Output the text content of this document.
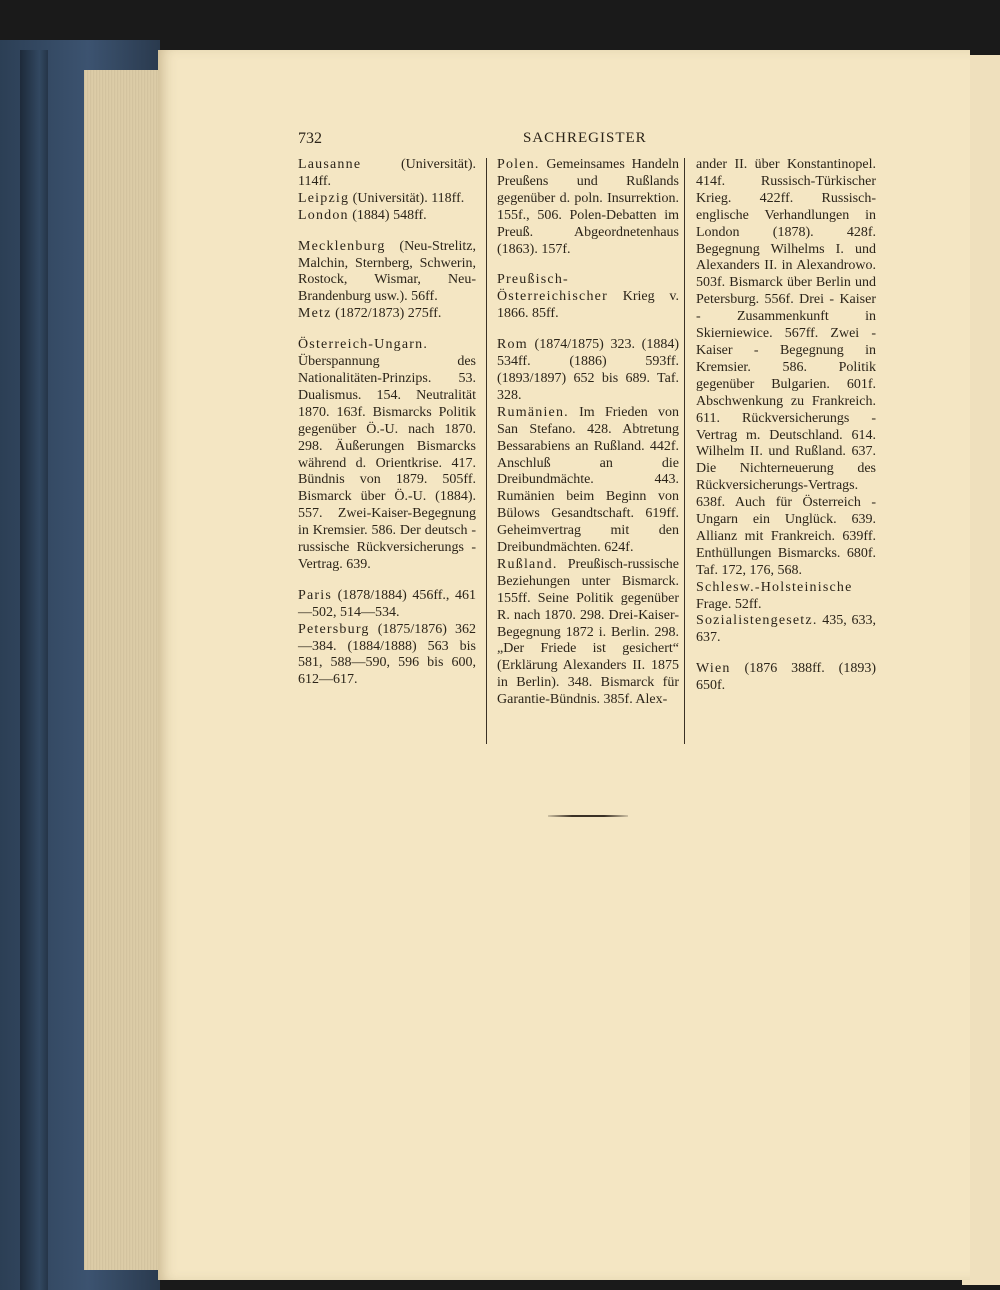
732	SACHREGISTER

Lausanne	(Universität). 114ff.

Leipzig (Universität). 118ff.

London (1884) 548ff.

Mecklenburg (Neu-Strelitz, Malchin, Sternberg, Schwerin, Rostock, Wismar, Neu-Brandenburg usw.). 56ff.

Metz (1872/1873) 275ff.

Österreich-Ungarn. Überspannung des Nationalitäten-Prinzips. 53. Dualismus. 154. Neutralität 1870. 163f. Bismarcks Politik gegenüber Ö.-U. nach 1870. 298. Äußerungen Bismarcks während d. Orientkrise. 417. Bündnis von 1879. 505ff. Bismarck über Ö.-U. (1884). 557. Zwei-Kaiser-Begegnung in Kremsier. 586. Der deutsch - russische Rückversicherungs - Vertrag. 639.

Paris (1878/1884) 456ff., 461—502, 514—534.

Petersburg (1875/1876) 362—384. (1884/1888) 563 bis 581, 588—590, 596 bis 600, 612—617.

Polen. Gemeinsames Handeln Preußens und Rußlands gegenüber d. poln. Insurrektion. 155f., 506. Polen-Debatten im Preuß. Abgeordnetenhaus (1863). 157f.

Preußisch-Österreichischer Krieg v. 1866. 85ff.

Rom (1874/1875) 323. (1884) 534ff. (1886) 593ff. (1893/1897) 652 bis 689. Taf. 328.

Rumänien. Im Frieden von San Stefano. 428. Abtretung Bessarabiens an Rußland. 442f. Anschluß an die Dreibundmächte. 443. Rumänien beim Beginn von Bülows Gesandtschaft. 619ff. Geheimvertrag mit den Dreibundmächten. 624f.

Rußland. Preußisch-russische Beziehungen unter Bismarck. 155ff. Seine Politik gegenüber R. nach 1870. 298. Drei-Kaiser-Begegnung 1872 i. Berlin. 298. „Der Friede ist gesichert“ (Erklärung Alexanders II. 1875 in Berlin). 348. Bismarck für Garantie-Bündnis. 385f. Alex-

ander II. über Konstantinopel. 414f. Russisch-Türkischer Krieg. 422ff. Russisch-englische Verhandlungen in London (1878). 428f. Begegnung Wilhelms I. und Alexanders II. in Alexandrowo. 503f. Bismarck über Berlin und Petersburg. 556f. Drei - Kaiser - Zusammenkunft in Skierniewice. 567ff. Zwei - Kaiser - Begegnung in Kremsier. 586. Politik gegenüber Bulgarien. 601f. Abschwenkung zu Frankreich. 611. Rückversicherungs - Vertrag m. Deutschland. 614. Wilhelm II. und Rußland. 637. Die Nichterneuerung des Rückversicherungs-Vertrags. 638f. Auch für Österreich - Ungarn ein Unglück. 639. Allianz mit Frankreich. 639ff. Enthüllungen Bismarcks. 680f. Taf. 172, 176, 568.

Schlesw.-Holsteinische Frage. 52ff.

Sozialistengesetz. 435, 633, 637.

Wien (1876 388ff. (1893) 650f.
